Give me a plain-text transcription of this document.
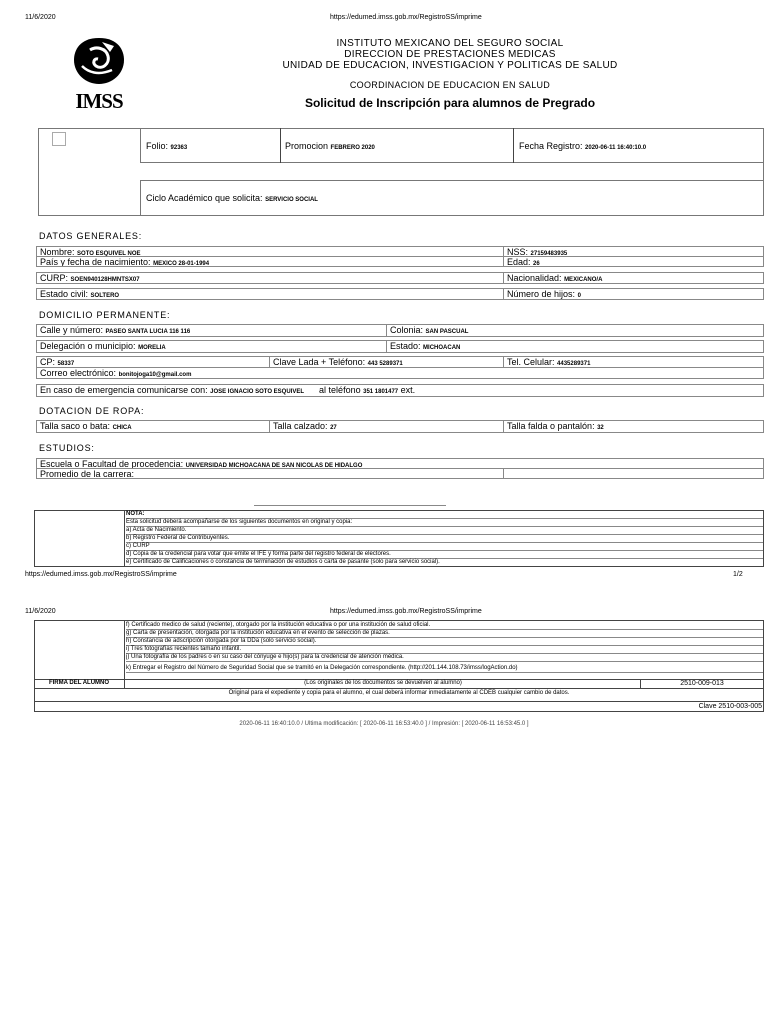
11/6/2020	https://edumed.imss.gob.mx/RegistroSS/imprime
IMSS
INSTITUTO MEXICANO DEL SEGURO SOCIAL
DIRECCION DE PRESTACIONES MEDICAS
UNIDAD DE EDUCACION, INVESTIGACION Y POLITICAS DE SALUD
COORDINACION DE EDUCACION EN SALUD
Solicitud de Inscripción para alumnos de Pregrado
Folio: 92363	Promocion FEBRERO 2020	Fecha Registro: 2020-06-11 16:40:10.0
Ciclo Académico que solicita: SERVICIO SOCIAL
DATOS GENERALES:
Nombre: SOTO ESQUIVEL NOE	NSS: 27159483935
País y fecha de nacimiento: MEXICO 28-01-1994	Edad: 26
CURP: SOEN940128HMNTSX07	Nacionalidad: MEXICANO/A
Estado civil: SOLTERO	Número de hijos: 0
DOMICILIO PERMANENTE:
Calle y número: PASEO SANTA LUCIA 116 116	Colonia: SAN PASCUAL
Delegación o municipio: MORELIA	Estado: MICHOACAN
CP: 58337	Clave Lada + Teléfono: 443 5289371	Tel. Celular: 4435289371
Correo electrónico: bonitojoga10@gmail.com
En caso de emergencia comunicarse con: JOSE IGNACIO SOTO ESQUIVEL al teléfono 351 1801477 ext.
DOTACION DE ROPA:
Talla saco o bata: CHICA	Talla calzado: 27	Talla falda o pantalón: 32
ESTUDIOS:
Escuela o Facultad de procedencia: UNIVERSIDAD MICHOACANA DE SAN NICOLAS DE HIDALGO
Promedio de la carrera:
NOTA:
Esta solicitud deberá acompañarse de los siguientes documentos en original y copia:
a) Acta de Nacimiento.
b) Registro Federal de Contribuyentes.
c) CURP
d) Copia de la credencial para votar que emite el IFE y forma parte del registro federal de electores.
e) Certificado de Calificaciones o constancia de terminación de estudios o carta de pasante (solo para servicio social).
https://edumed.imss.gob.mx/RegistroSS/imprime	1/2
11/6/2020	https://edumed.imss.gob.mx/RegistroSS/imprime
f) Certificado medico de salud (reciente), otorgado por la institución educativa o por una institución de salud oficial.
g) Carta de presentación, otorgada por la institución educativa en el evento de selección de plazas.
h) Constancia de adscripción otorgada por la DDa (solo servicio social).
i) Tres fotografías recientes tamaño infantil.
j) Una fotografía de los padres o en su caso del cónyuge e hijo(s) para la credencial de atención médica.
k) Entregar el Registro del Número de Seguridad Social que se tramitó en la Delegación correspondiente. (http://201.144.108.73/imss/logAction.do)
FIRMA DEL ALUMNO	(Los originales de los documentos se devuelven al alumno)	2510-009-013
Original para el expediente y copia para el alumno, el cual deberá informar inmediatamente al CDEB cualquier cambio de datos.
Clave 2510-003-005
2020-06-11 16:40:10.0 / Ultima modificación: [ 2020-06-11 16:53:40.0 ] / Impresión: [ 2020-06-11 16:53:45.0 ]
